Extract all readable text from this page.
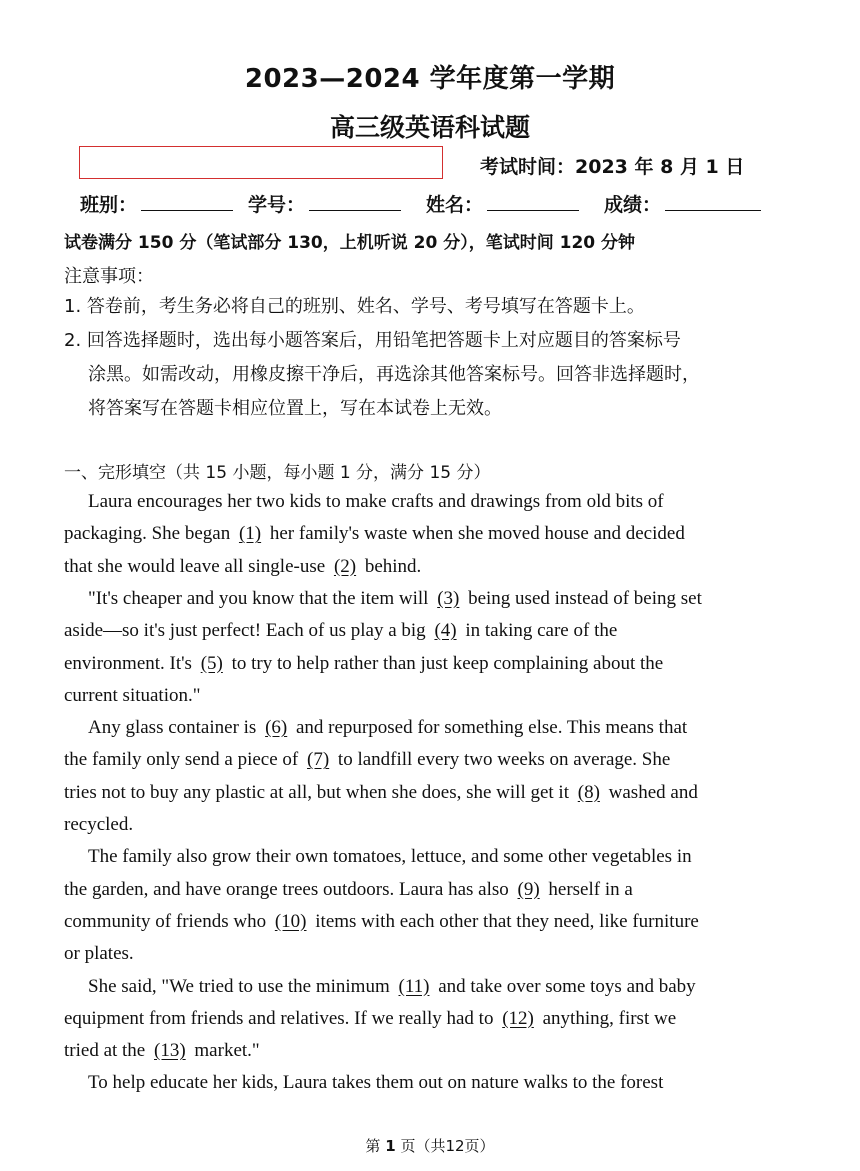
2023—2024 学年度第一学期
高三级英语科试题
考试时间：2023 年 8 月 1 日
班别：	学号：	姓名：	成绩：
试卷满分 150 分（笔试部分 130，上机听说 20 分），笔试时间 120 分钟
注意事项：
1. 答卷前，考生务必将自己的班别、姓名、学号、考号填写在答题卡上。
2. 回答选择题时，选出每小题答案后，用铅笔把答题卡上对应题目的答案标号
涂黑。如需改动，用橡皮擦干净后，再选涂其他答案标号。回答非选择题时，
将答案写在答题卡相应位置上，写在本试卷上无效。
一、完形填空（共 15 小题，每小题 1 分，满分 15 分）
Laura encourages her two kids to make crafts and drawings from old bits of
packaging. She began (1) her family's waste when she moved house and decided
that she would leave all single-use (2) behind.
"It's cheaper and you know that the item will (3) being used instead of being set
aside—so it's just perfect! Each of us play a big (4) in taking care of the
environment. It's (5) to try to help rather than just keep complaining about the
current situation."
Any glass container is (6) and repurposed for something else. This means that
the family only send a piece of (7) to landfill every two weeks on average. She
tries not to buy any plastic at all, but when she does, she will get it (8) washed and
recycled.
The family also grow their own tomatoes, lettuce, and some other vegetables in
the garden, and have orange trees outdoors. Laura has also (9) herself in a
community of friends who (10) items with each other that they need, like furniture
or plates.
She said, "We tried to use the minimum (11) and take over some toys and baby
equipment from friends and relatives. If we really had to (12) anything, first we
tried at the (13) market."
To help educate her kids, Laura takes them out on nature walks to the forest
第 1 页（共12页）
